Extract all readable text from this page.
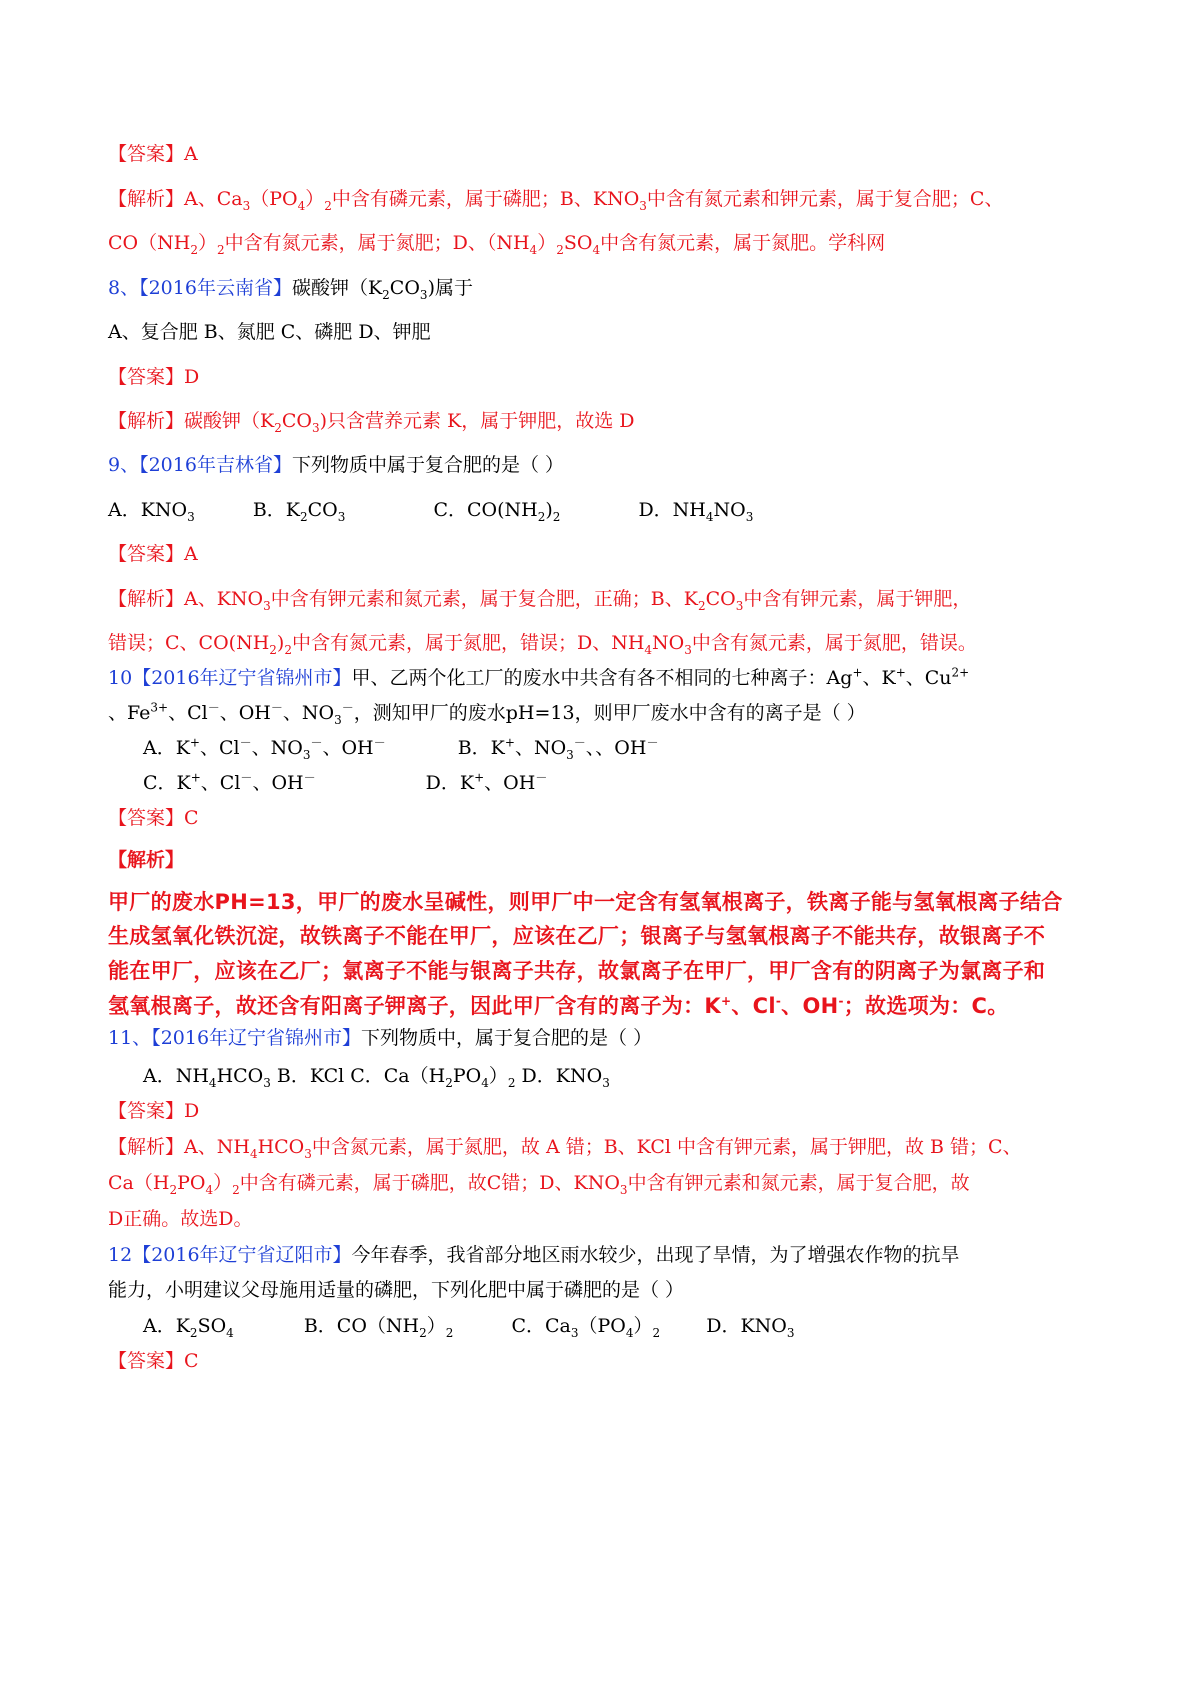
【答案】A
【解析】A、$Ca_3(PO_4)_2$中含有磷元素，属于磷肥；B、$KNO_3$中含有氮元素和钾元素，属于复合肥；C、
$CO(NH_2)_2$中含有氮元素，属于氮肥；D、$(NH_4)_2SO_4$中含有氮元素，属于氮肥。学科网
8、【2016年云南省】碳酸钾$(K_2CO_3)$属于
A、复合肥 B、氮肥 C、磷肥 D、钾肥
【答案】D
【解析】碳酸钾$(K_2CO_3)$只含营养元素 K，属于钾肥，故选 D
9、【2016年吉林省】下列物质中属于复合肥的是（ ）
A．$KNO_3$	B．$K_2CO_3$	C．$CO(NH_2)_2$	D．$NH_4NO_3$
【答案】A
【解析】A、$KNO_3$中含有钾元素和氮元素，属于复合肥，正确；B、$K_2CO_3$中含有钾元素，属于钾肥，
错误；C、$CO(NH_2)_2$中含有氮元素，属于氮肥，错误；D、$NH_4NO_3$中含有氮元素，属于氮肥，错误。
10【2016年辽宁省锦州市】甲、乙两个化工厂的废水中共含有各不相同的七种离子：Ag+、K+、$Cu^{2+}$
、$Fe^{3+}$、Cl－、OH－、$NO_3^-$，测知甲厂的废水pH=13，则甲厂废水中含有的离子是（ ）
A．K+、Cl－、$NO_3^-$、OH－	B．K+、$NO_3^-$、、OH－
C．K+、Cl－、OH－	D．K+、OH－
【答案】C
【解析】
甲厂的废水PH=13，甲厂的废水呈碱性，则甲厂中一定含有氢氧根离子，铁离子能与氢氧根离子结合
生成氢氧化铁沉淀，故铁离子不能在甲厂，应该在乙厂；银离子与氢氧根离子不能共存，故银离子不
能在甲厂，应该在乙厂；氯离子不能与银离子共存，故氯离子在甲厂，甲厂含有的阴离子为氯离子和
氢氧根离子，故还含有阳离子钾离子，因此甲厂含有的离子为：K+、Cl-、OH-；故选项为：C。
11、【2016年辽宁省锦州市】下列物质中，属于复合肥的是（ ）
A．$NH_4HCO_3$ B．KCl C．$Ca(H_2PO_4)_2$ D．$KNO_3$
【答案】D
【解析】A、$NH_4HCO_3$中含氮元素，属于氮肥，故 A 错；B、KCl 中含有钾元素，属于钾肥，故 B 错；C、
$Ca(H_2PO_4)_2$中含有磷元素，属于磷肥，故C错；D、$KNO_3$中含有钾元素和氮元素，属于复合肥，故
D正确。故选D。
12【2016年辽宁省辽阳市】今年春季，我省部分地区雨水较少，出现了旱情，为了增强农作物的抗旱
能力，小明建议父母施用适量的磷肥，下列化肥中属于磷肥的是（ ）
A．$K_2SO_4$	B．$CO(NH_2)_2$	C．$Ca_3(PO_4)_2$ D．$KNO_3$
【答案】C
